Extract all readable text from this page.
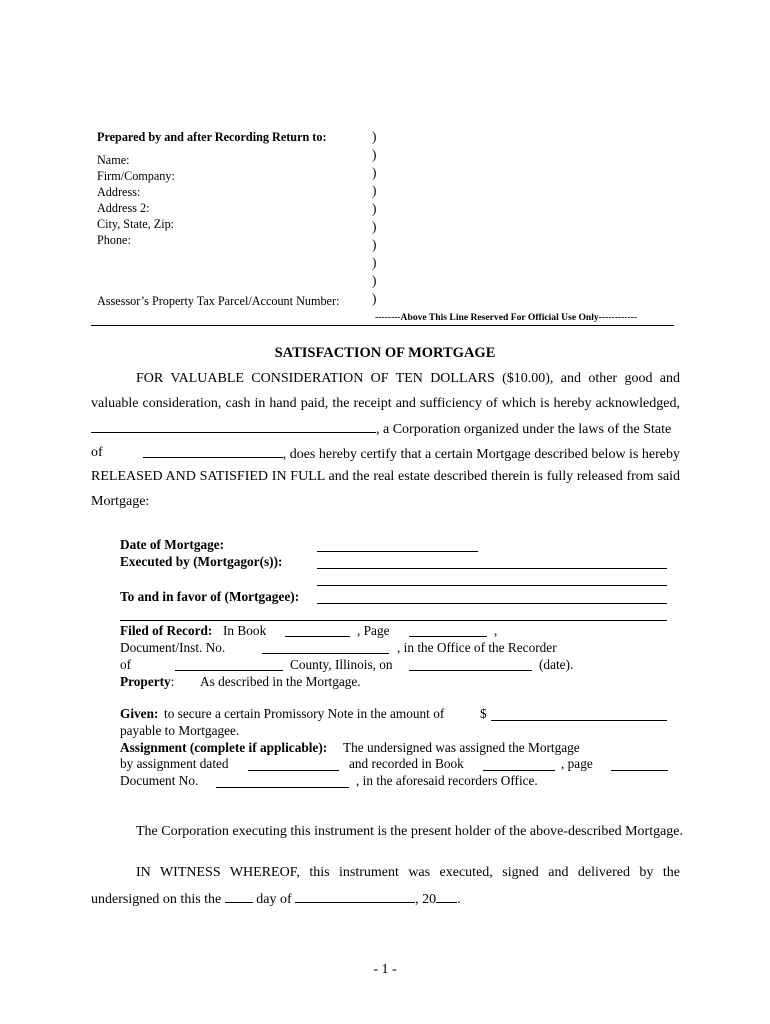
Prepared by and after Recording Return to:
Name:
Firm/Company:
Address:
Address 2:
City, State, Zip:
Phone:
Assessor’s Property Tax Parcel/Account Number:
)
)
)
)
)
)
)
)
)
)
--------Above This Line Reserved For Official Use Only------------
SATISFACTION OF MORTGAGE
FOR VALUABLE CONSIDERATION OF TEN DOLLARS ($10.00), and other good and
valuable consideration, cash in hand paid, the receipt and sufficiency of which is hereby acknowledged,
, a Corporation organized under the laws of the State
of	, does hereby certify that a certain Mortgage described below is hereby
RELEASED AND SATISFIED IN FULL and the real estate described therein is fully released from said
Mortgage:
Date of Mortgage:
Executed by (Mortgagor(s)):
To and in favor of (Mortgagee):
Filed of Record: In Book	, Page	,
Document/Inst. No.	, in the Office of the Recorder
of	County, Illinois, on	(date).
Property: As described in the Mortgage.
Given: to secure a certain Promissory Note in the amount of	$
payable to Mortgagee.
Assignment (complete if applicable): The undersigned was assigned the Mortgage
by assignment dated	and recorded in Book	, page
Document No.	, in the aforesaid recorders Office.
The Corporation executing this instrument is the present holder of the above-described Mortgage.
IN WITNESS WHEREOF, this instrument was executed, signed and delivered by the
undersigned on this the	day of	, 20 .
- 1 -
